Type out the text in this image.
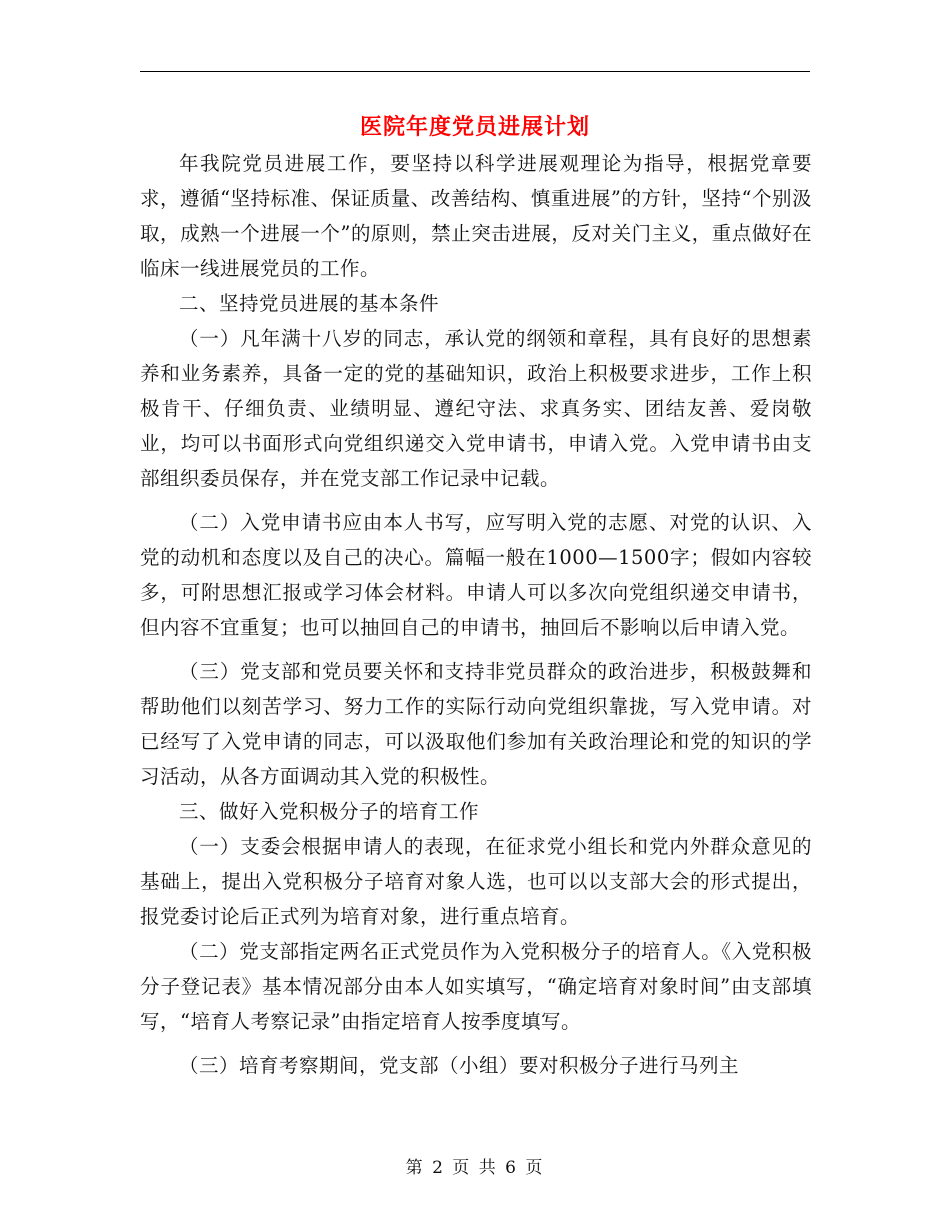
医院年度党员进展计划

年我院党员进展工作，要坚持以科学进展观理论为指导，根据党章要求，遵循“坚持标准、保证质量、改善结构、慎重进展”的方针，坚持“个别汲取，成熟一个进展一个”的原则，禁止突击进展，反对关门主义，重点做好在临床一线进展党员的工作。

二、坚持党员进展的基本条件

（一）凡年满十八岁的同志，承认党的纲领和章程，具有良好的思想素养和业务素养，具备一定的党的基础知识，政治上积极要求进步，工作上积极肯干、仔细负责、业绩明显、遵纪守法、求真务实、团结友善、爱岗敬业，均可以书面形式向党组织递交入党申请书，申请入党。入党申请书由支部组织委员保存，并在党支部工作记录中记载。

（二）入党申请书应由本人书写，应写明入党的志愿、对党的认识、入党的动机和态度以及自己的决心。篇幅一般在1000—1500字；假如内容较多，可附思想汇报或学习体会材料。申请人可以多次向党组织递交申请书，但内容不宜重复；也可以抽回自己的申请书，抽回后不影响以后申请入党。

（三）党支部和党员要关怀和支持非党员群众的政治进步，积极鼓舞和帮助他们以刻苦学习、努力工作的实际行动向党组织靠拢，写入党申请。对已经写了入党申请的同志，可以汲取他们参加有关政治理论和党的知识的学习活动，从各方面调动其入党的积极性。

三、做好入党积极分子的培育工作

（一）支委会根据申请人的表现，在征求党小组长和党内外群众意见的基础上，提出入党积极分子培育对象人选，也可以以支部大会的形式提出，报党委讨论后正式列为培育对象，进行重点培育。

（二）党支部指定两名正式党员作为入党积极分子的培育人。《入党积极分子登记表》基本情况部分由本人如实填写，“确定培育对象时间”由支部填写，“培育人考察记录”由指定培育人按季度填写。

（三）培育考察期间，党支部（小组）要对积极分子进行马列主

第 2 页 共 6 页
